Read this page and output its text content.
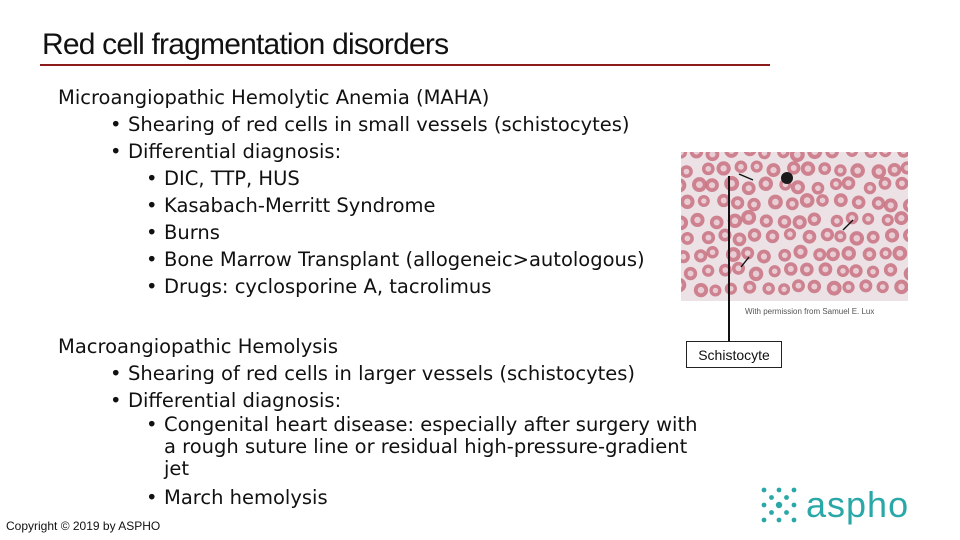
Red cell fragmentation disorders
Microangiopathic Hemolytic Anemia (MAHA)
• Shearing of red cells in small vessels (schistocytes)
• Differential diagnosis:
• DIC, TTP, HUS
• Kasabach-Merritt Syndrome
• Burns
• Bone Marrow Transplant (allogeneic>autologous)
• Drugs: cyclosporine A, tacrolimus
Macroangiopathic Hemolysis
• Shearing of red cells in larger vessels (schistocytes)
• Differential diagnosis:
• Congenital heart disease: especially after surgery with a rough suture line or residual high-pressure-gradient jet
• March hemolysis
With permission from Samuel E. Lux
Schistocyte
aspho
Copyright © 2019 by ASPHO
